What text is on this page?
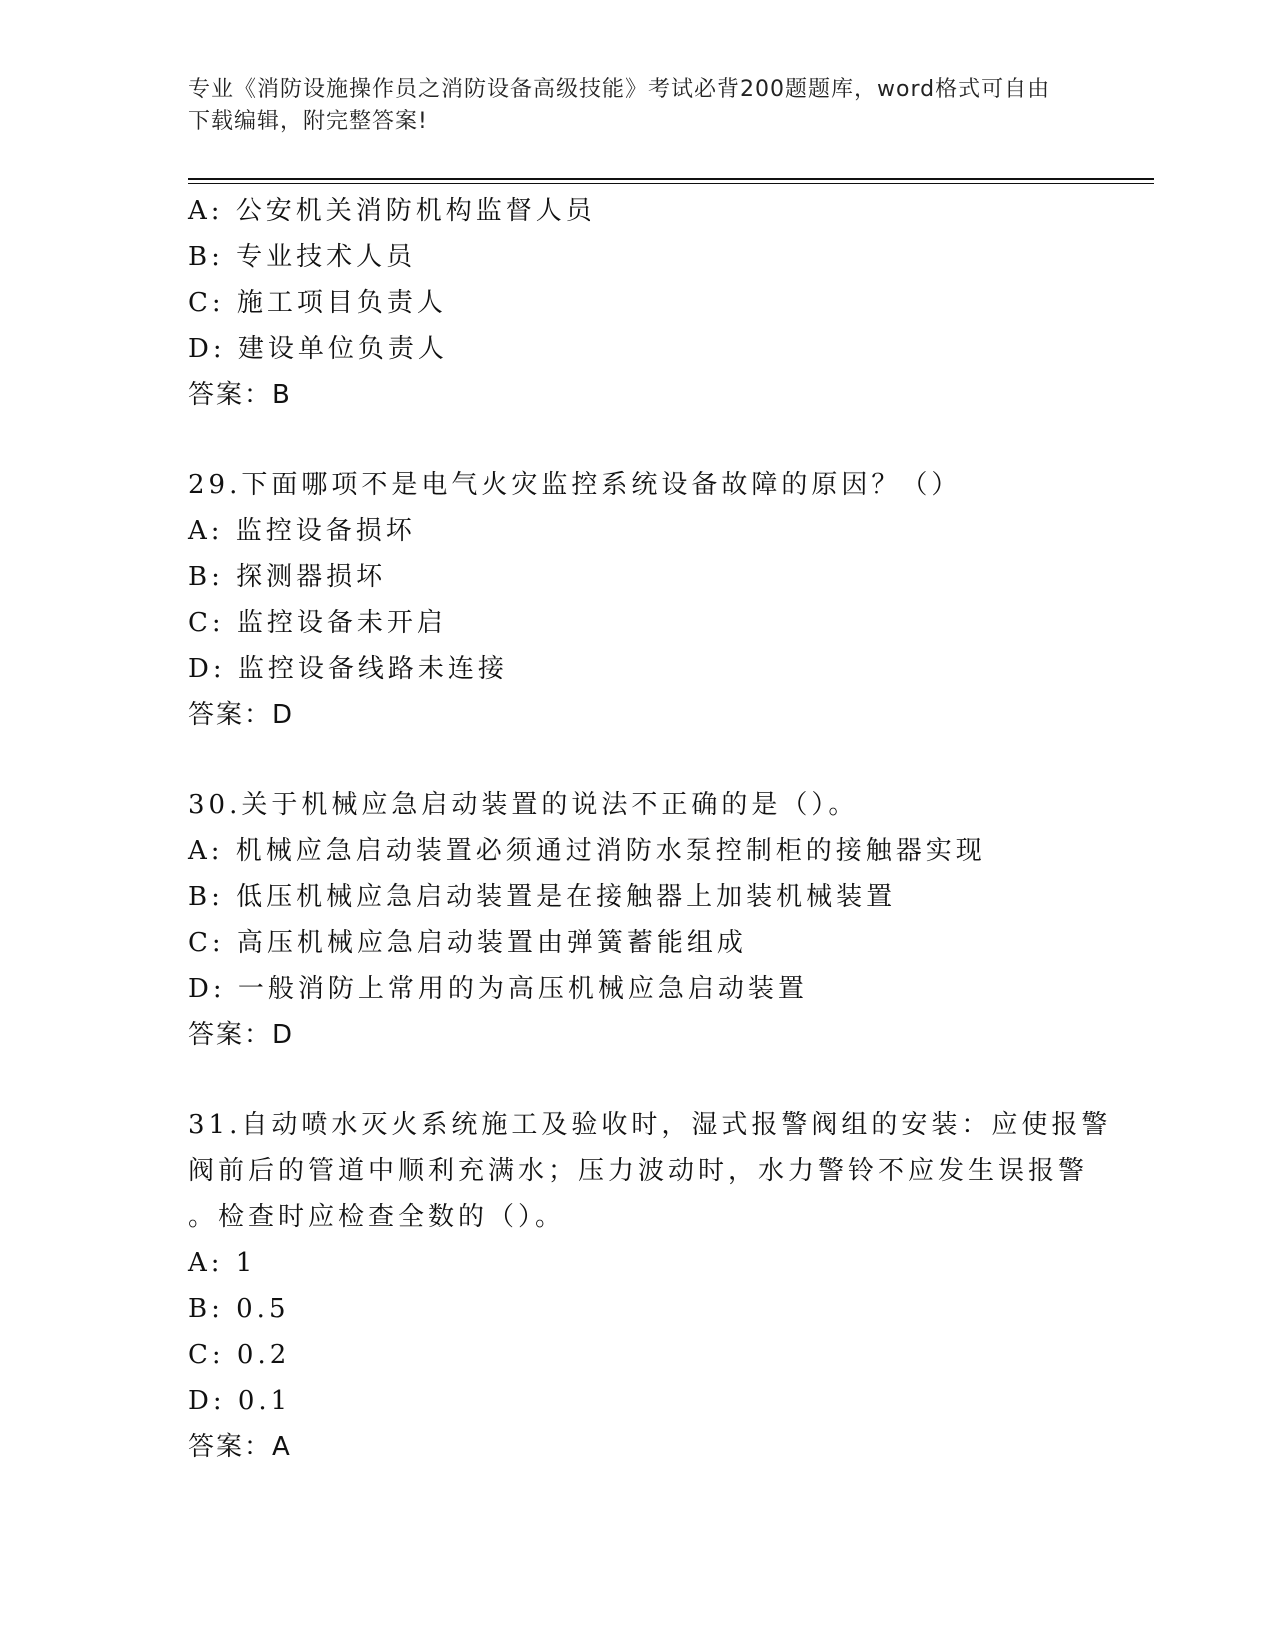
专业《消防设施操作员之消防设备高级技能》考试必背200题题库，word格式可自由下载编辑，附完整答案!
A: 公安机关消防机构监督人员
B: 专业技术人员
C: 施工项目负责人
D: 建设单位负责人
答案：B
29.下面哪项不是电气火灾监控系统设备故障的原因？（）
A: 监控设备损坏
B: 探测器损坏
C: 监控设备未开启
D: 监控设备线路未连接
答案：D
30.关于机械应急启动装置的说法不正确的是（）。
A: 机械应急启动装置必须通过消防水泵控制柜的接触器实现
B: 低压机械应急启动装置是在接触器上加装机械装置
C: 高压机械应急启动装置由弹簧蓄能组成
D: 一般消防上常用的为高压机械应急启动装置
答案：D
31.自动喷水灭火系统施工及验收时，湿式报警阀组的安装：应使报警
阀前后的管道中顺利充满水；压力波动时，水力警铃不应发生误报警
。检查时应检查全数的（）。
A: 1
B: 0.5
C: 0.2
D: 0.1
答案：A
